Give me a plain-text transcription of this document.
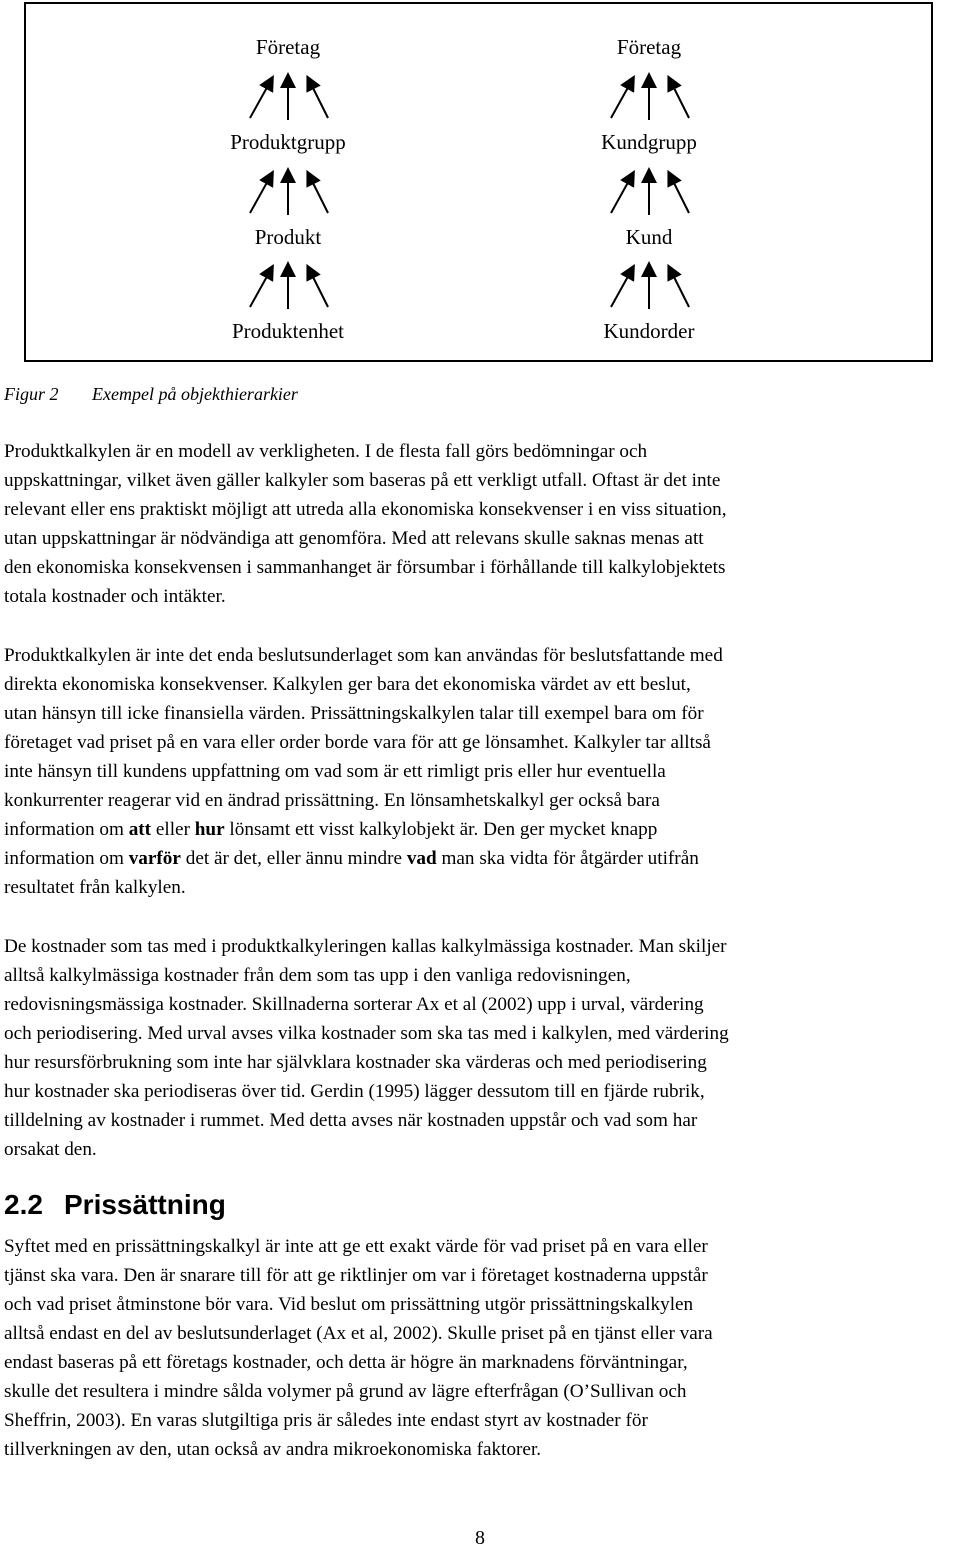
Företag
Produktgrupp
Produkt
Produktenhet
Företag
Kundgrupp
Kund
Kundorder
Figur 2 Exempel på objekthierarkier

Produktkalkylen är en modell av verkligheten. I de flesta fall görs bedömningar och
uppskattningar, vilket även gäller kalkyler som baseras på ett verkligt utfall. Oftast är det inte
relevant eller ens praktiskt möjligt att utreda alla ekonomiska konsekvenser i en viss situation,
utan uppskattningar är nödvändiga att genomföra. Med att relevans skulle saknas menas att
den ekonomiska konsekvensen i sammanhanget är försumbar i förhållande till kalkylobjektets
totala kostnader och intäkter.

Produktkalkylen är inte det enda beslutsunderlaget som kan användas för beslutsfattande med
direkta ekonomiska konsekvenser. Kalkylen ger bara det ekonomiska värdet av ett beslut,
utan hänsyn till icke finansiella värden. Prissättningskalkylen talar till exempel bara om för
företaget vad priset på en vara eller order borde vara för att ge lönsamhet. Kalkyler tar alltså
inte hänsyn till kundens uppfattning om vad som är ett rimligt pris eller hur eventuella
konkurrenter reagerar vid en ändrad prissättning. En lönsamhetskalkyl ger också bara
information om att eller hur lönsamt ett visst kalkylobjekt är. Den ger mycket knapp
information om varför det är det, eller ännu mindre vad man ska vidta för åtgärder utifrån
resultatet från kalkylen.

De kostnader som tas med i produktkalkyleringen kallas kalkylmässiga kostnader. Man skiljer
alltså kalkylmässiga kostnader från dem som tas upp i den vanliga redovisningen,
redovisningsmässiga kostnader. Skillnaderna sorterar Ax et al (2002) upp i urval, värdering
och periodisering. Med urval avses vilka kostnader som ska tas med i kalkylen, med värdering
hur resursförbrukning som inte har självklara kostnader ska värderas och med periodisering
hur kostnader ska periodiseras över tid. Gerdin (1995) lägger dessutom till en fjärde rubrik,
tilldelning av kostnader i rummet. Med detta avses när kostnaden uppstår och vad som har
orsakat den.

2.2 Prissättning

Syftet med en prissättningskalkyl är inte att ge ett exakt värde för vad priset på en vara eller
tjänst ska vara. Den är snarare till för att ge riktlinjer om var i företaget kostnaderna uppstår
och vad priset åtminstone bör vara. Vid beslut om prissättning utgör prissättningskalkylen
alltså endast en del av beslutsunderlaget (Ax et al, 2002). Skulle priset på en tjänst eller vara
endast baseras på ett företags kostnader, och detta är högre än marknadens förväntningar,
skulle det resultera i mindre sålda volymer på grund av lägre efterfrågan (O’Sullivan och
Sheffrin, 2003). En varas slutgiltiga pris är således inte endast styrt av kostnader för
tillverkningen av den, utan också av andra mikroekonomiska faktorer.

8
